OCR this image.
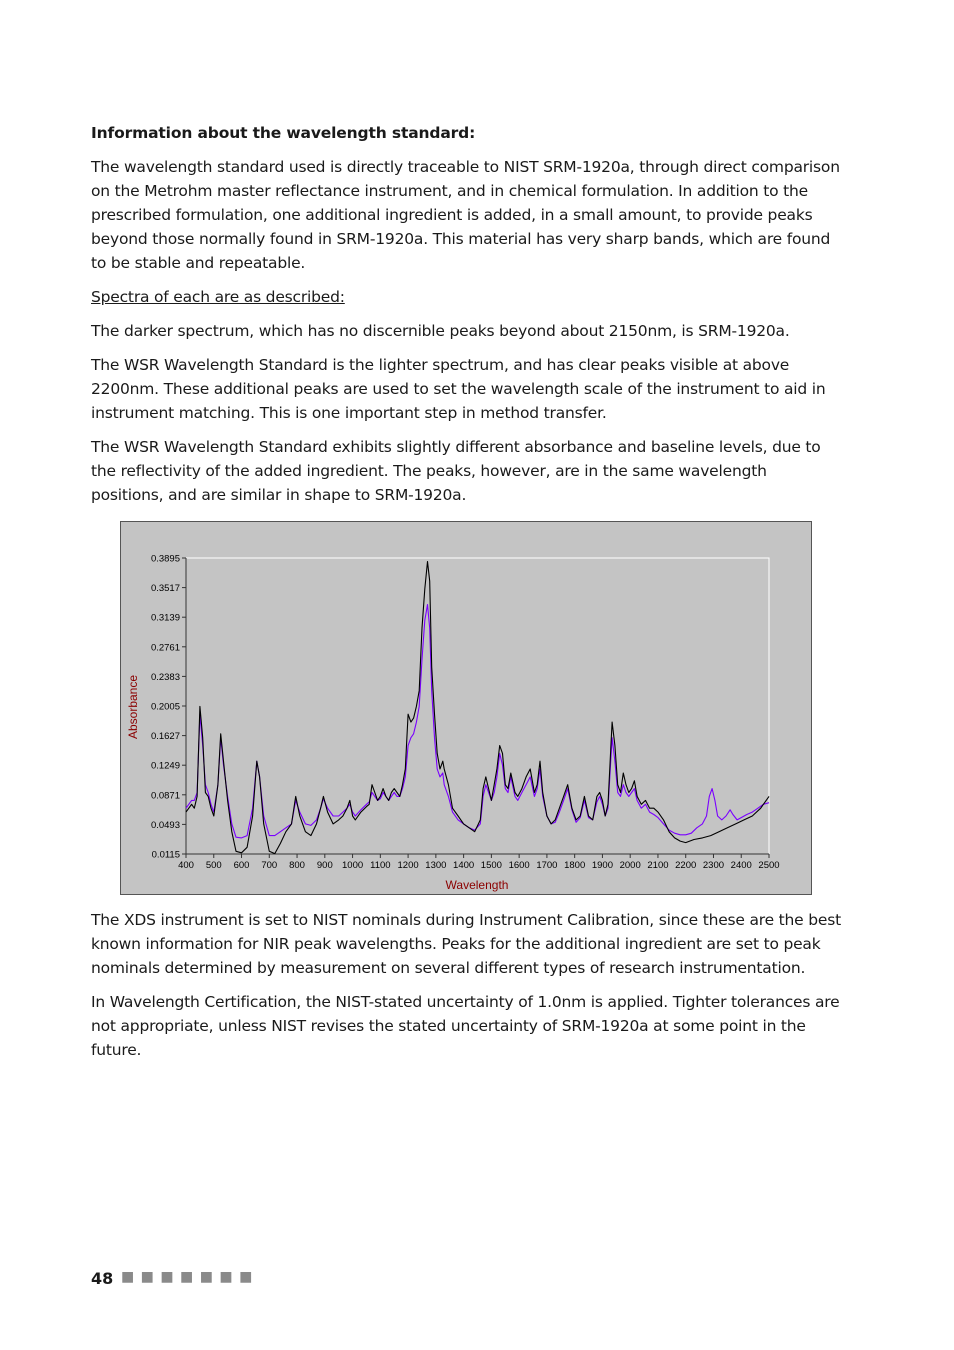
Information about the wavelength standard:

The wavelength standard used is directly traceable to NIST SRM-1920a, through direct comparison on the Metrohm master reflectance instrument, and in chemical formulation. In addition to the prescribed formulation, one additional ingredient is added, in a small amount, to provide peaks beyond those normally found in SRM-1920a. This material has very sharp bands, which are found to be stable and repeatable.

Spectra of each are as described:

The darker spectrum, which has no discernible peaks beyond about 2150nm, is SRM-1920a.

The WSR Wavelength Standard is the lighter spectrum, and has clear peaks visible at above 2200nm. These additional peaks are used to set the wavelength scale of the instrument to aid in instrument matching. This is one important step in method transfer.

The WSR Wavelength Standard exhibits slightly different absorbance and baseline levels, due to the reflectivity of the added ingredient. The peaks, however, are in the same wavelength positions, and are similar in shape to SRM-1920a.

0.0115
0.0493
0.0871
0.1249
0.1627
0.2005
0.2383
0.2761
0.3139
0.3517
0.3895
400 500 600 700 800 900 1000 1100 1200 1300 1400 1500 1600 1700 1800 1900 2000 2100 2200 2300 2400 2500
Absorbance
Wavelength

The XDS instrument is set to NIST nominals during Instrument Calibration, since these are the best known information for NIR peak wavelengths. Peaks for the additional ingredient are set to peak nominals determined by measurement on several different types of research instrumentation.

In Wavelength Certification, the NIST-stated uncertainty of 1.0nm is applied. Tighter tolerances are not appropriate, unless NIST revises the stated uncertainty of SRM-1920a at some point in the future.

48 ■ ■ ■ ■ ■ ■ ■
